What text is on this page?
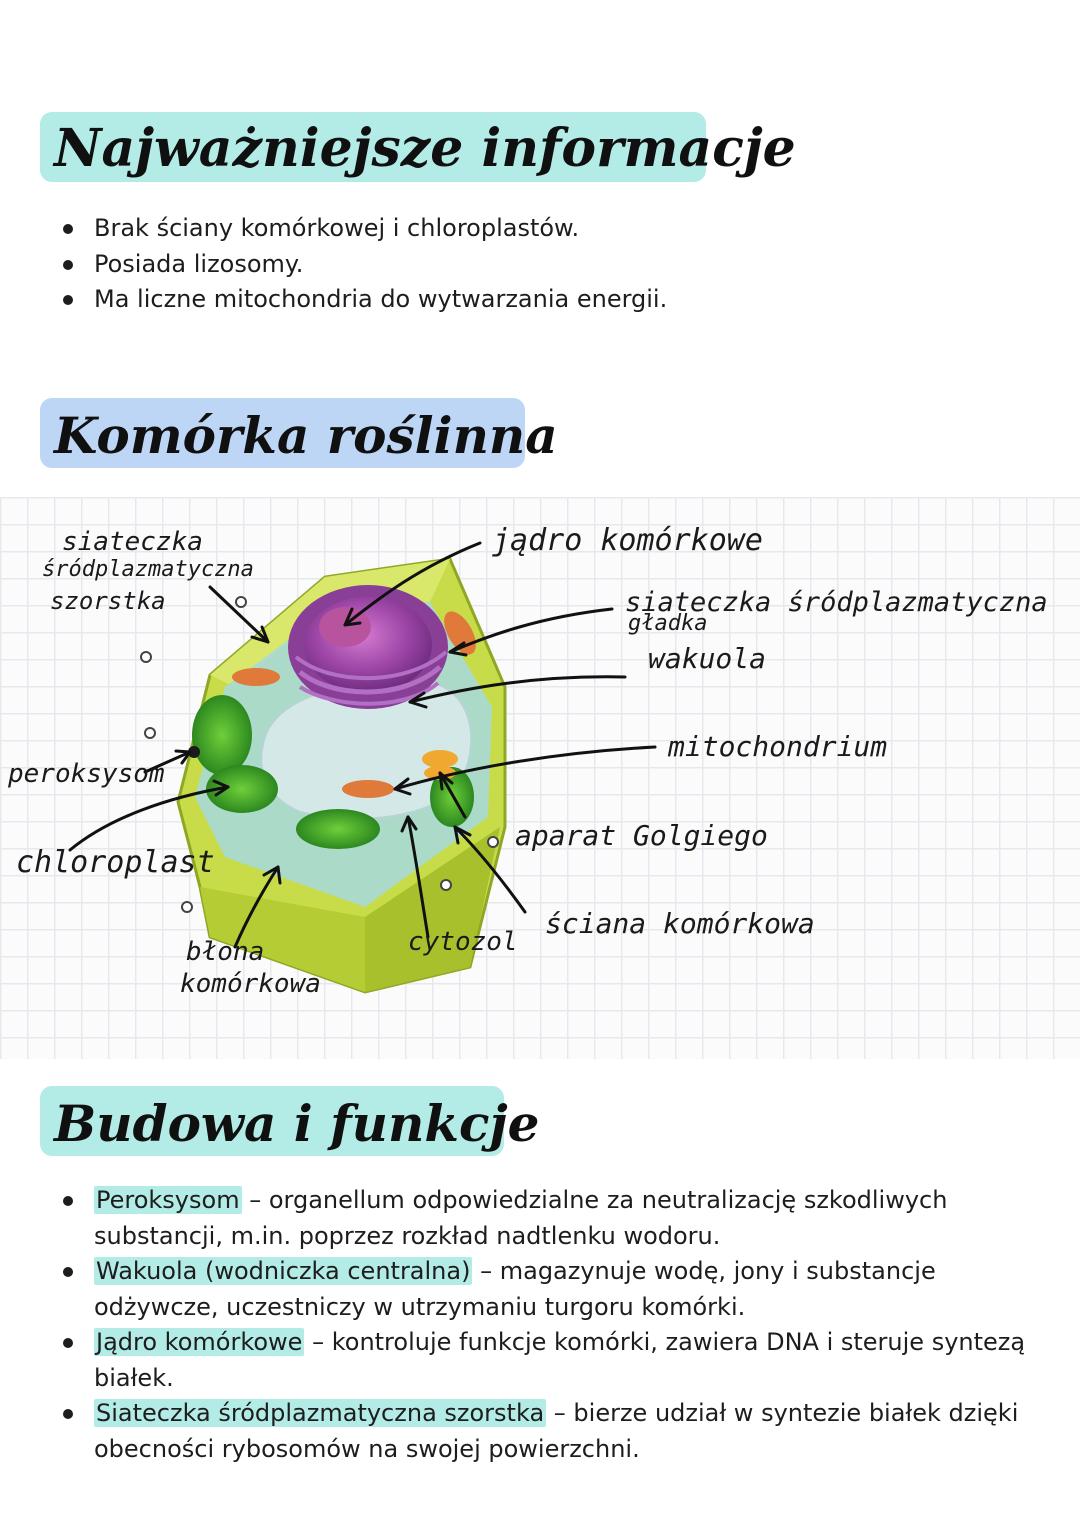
Najważniejsze informacje
Brak ściany komórkowej i chloroplastów.
Posiada lizosomy.
Ma liczne mitochondria do wytwarzania energii.
Komórka roślinna
siateczka
śródplazmatyczna
szorstka
jądro komórkowe
siateczka śródplazmatyczna
gładka
wakuola
mitochondrium
peroksysom
chloroplast
aparat Golgiego
ściana komórkowa
cytozol
błona
komórkowa
Budowa i funkcje
Peroksysom – organellum odpowiedzialne za neutralizację szkodliwych substancji, m.in. poprzez rozkład nadtlenku wodoru.
Wakuola (wodniczka centralna) – magazynuje wodę, jony i substancje odżywcze, uczestniczy w utrzymaniu turgoru komórki.
Jądro komórkowe – kontroluje funkcje komórki, zawiera DNA i steruje syntezą białek.
Siateczka śródplazmatyczna szorstka – bierze udział w syntezie białek dzięki obecności rybosomów na swojej powierzchni.
